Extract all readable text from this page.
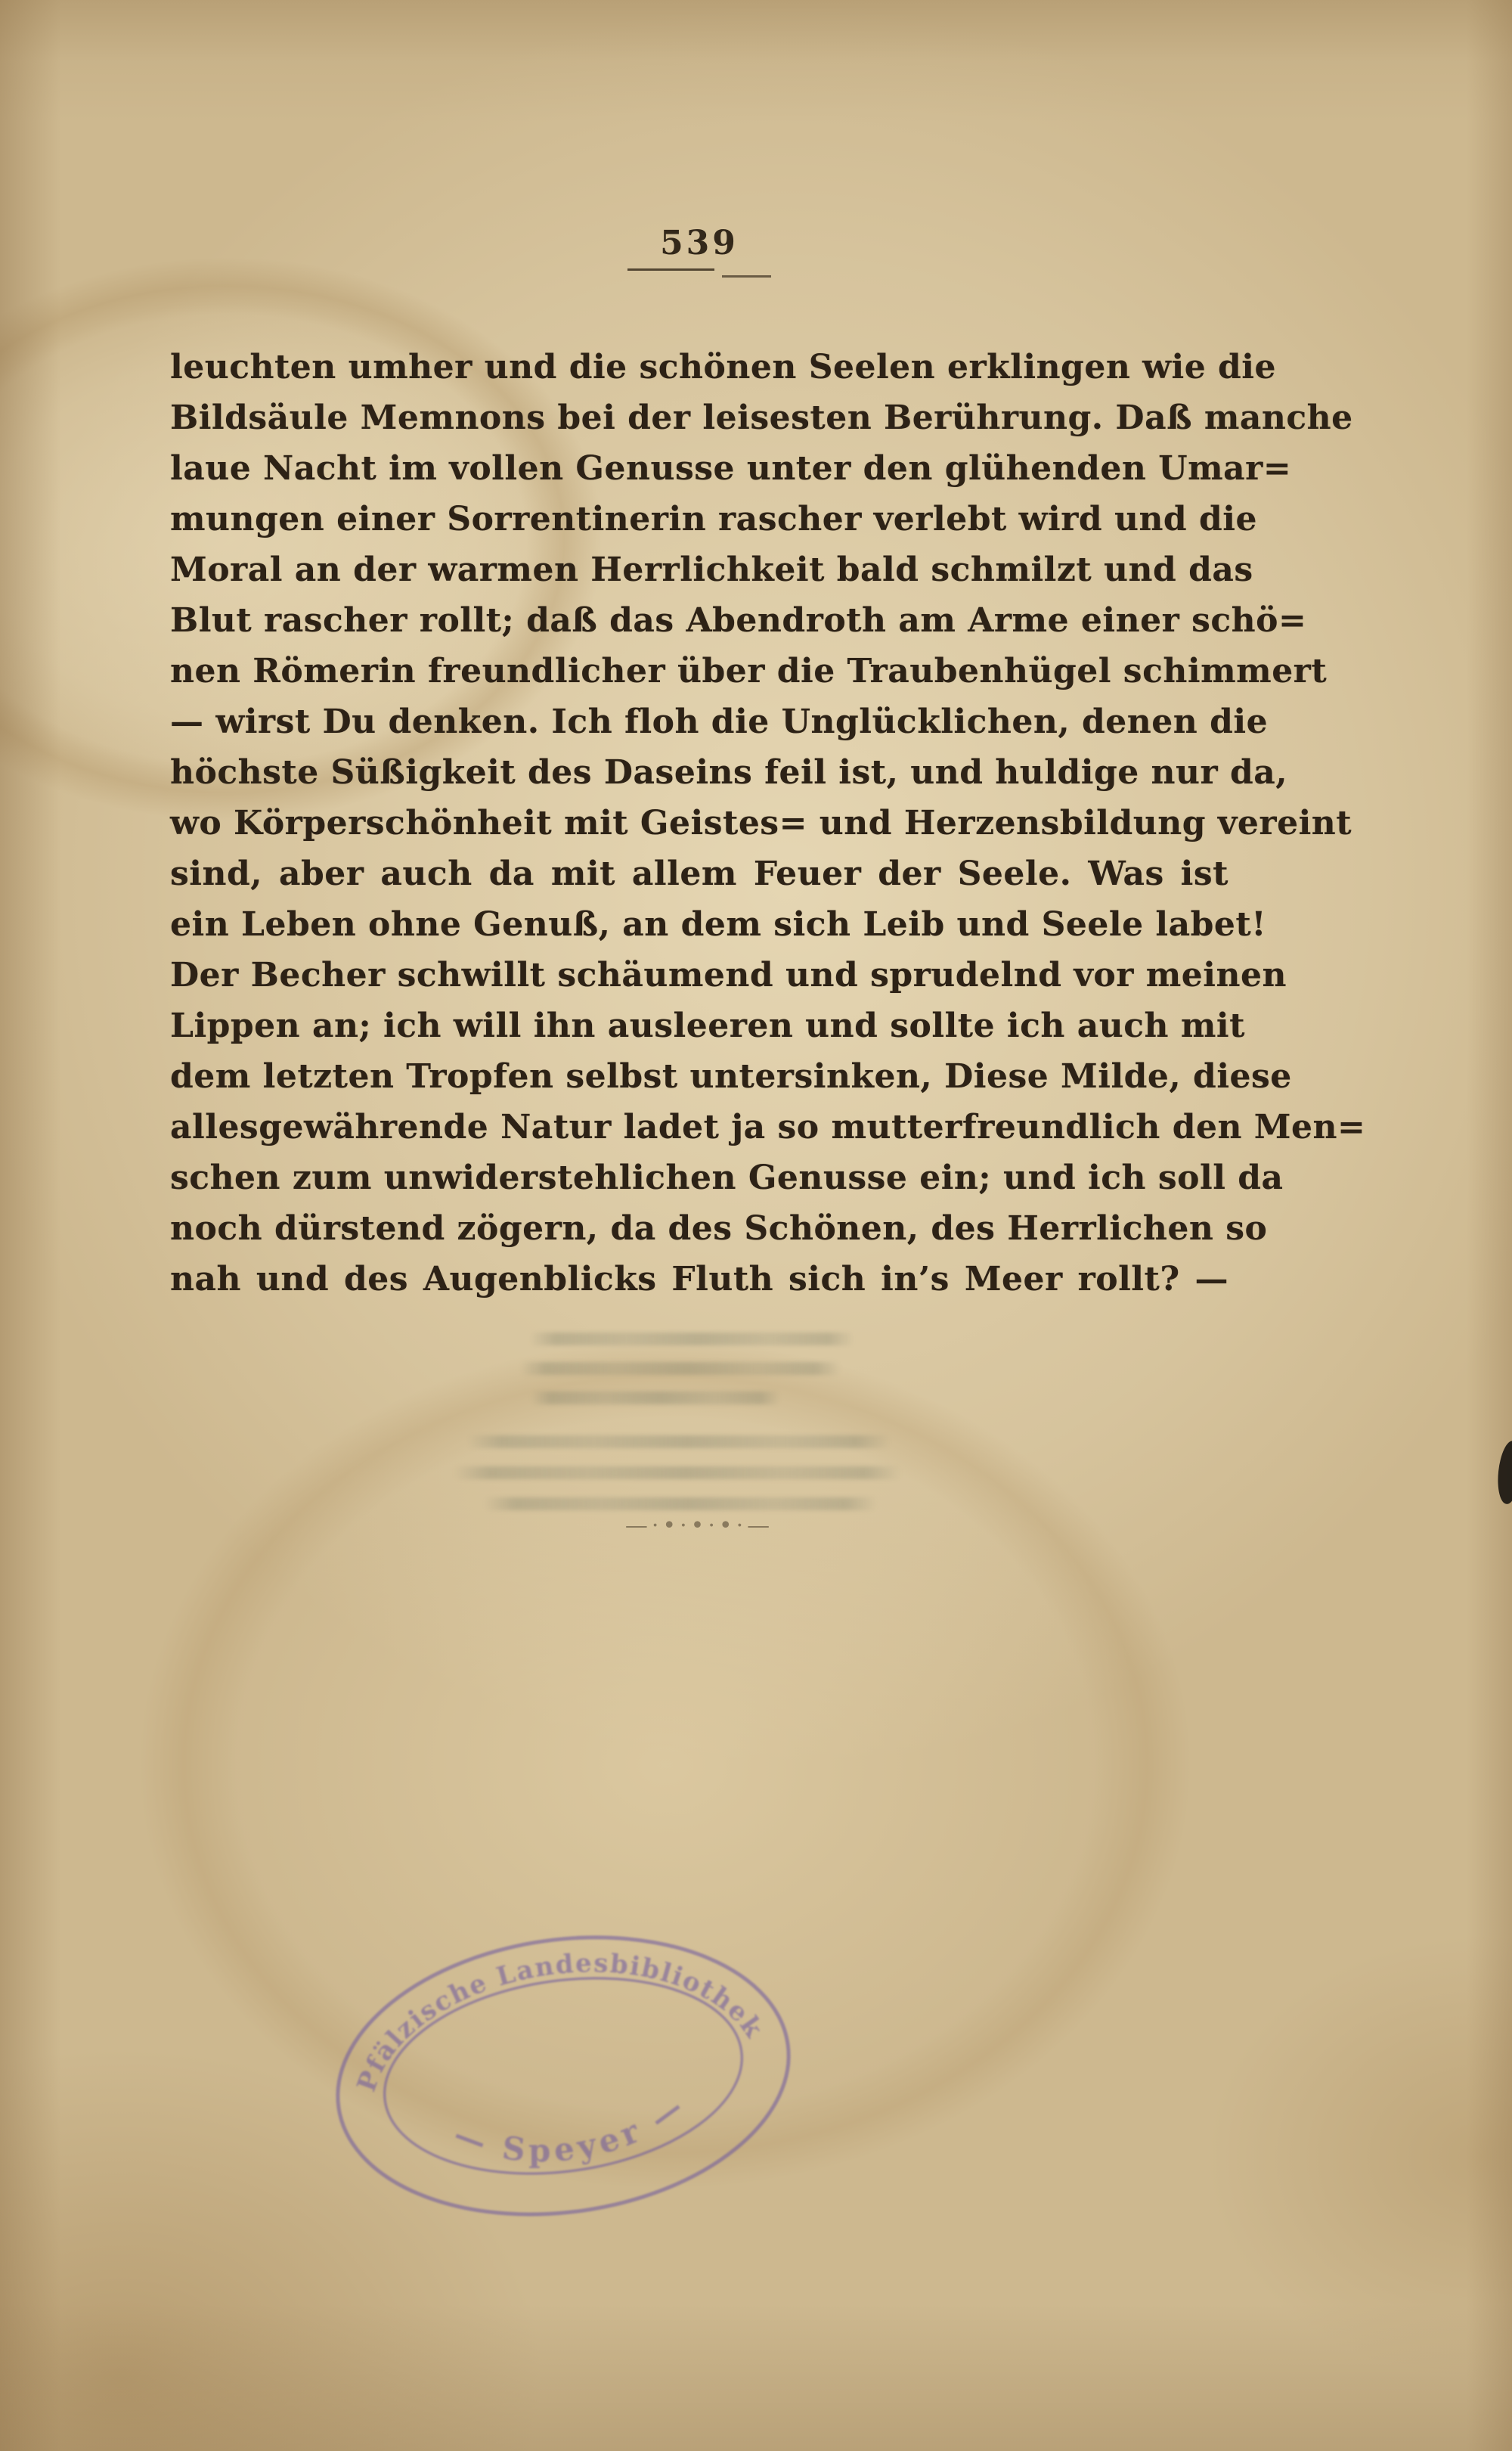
539
leuchten umher und die schönen Seelen erklingen wie die
Bildsäule Memnons bei der leisesten Berührung. Daß manche
laue Nacht im vollen Genusse unter den glühenden Umar=
mungen einer Sorrentinerin rascher verlebt wird und die
Moral an der warmen Herrlichkeit bald schmilzt und das
Blut rascher rollt; daß das Abendroth am Arme einer schö=
nen Römerin freundlicher über die Traubenhügel schimmert
— wirst Du denken. Ich floh die Unglücklichen, denen die
höchste Süßigkeit des Daseins feil ist, und huldige nur da,
wo Körperschönheit mit Geistes= und Herzensbildung vereint
sind, aber auch da mit allem Feuer der Seele. Was ist
ein Leben ohne Genuß, an dem sich Leib und Seele labet!
Der Becher schwillt schäumend und sprudelnd vor meinen
Lippen an; ich will ihn ausleeren und sollte ich auch mit
dem letzten Tropfen selbst untersinken, Diese Milde, diese
allesgewährende Natur ladet ja so mutterfreundlich den Men=
schen zum unwiderstehlichen Genusse ein; und ich soll da
noch dürstend zögern, da des Schönen, des Herrlichen so
nah und des Augenblicks Fluth sich in’s Meer rollt? —
—·•·•·•·—
Pfälzische Landesbibliothek
— Speyer —
